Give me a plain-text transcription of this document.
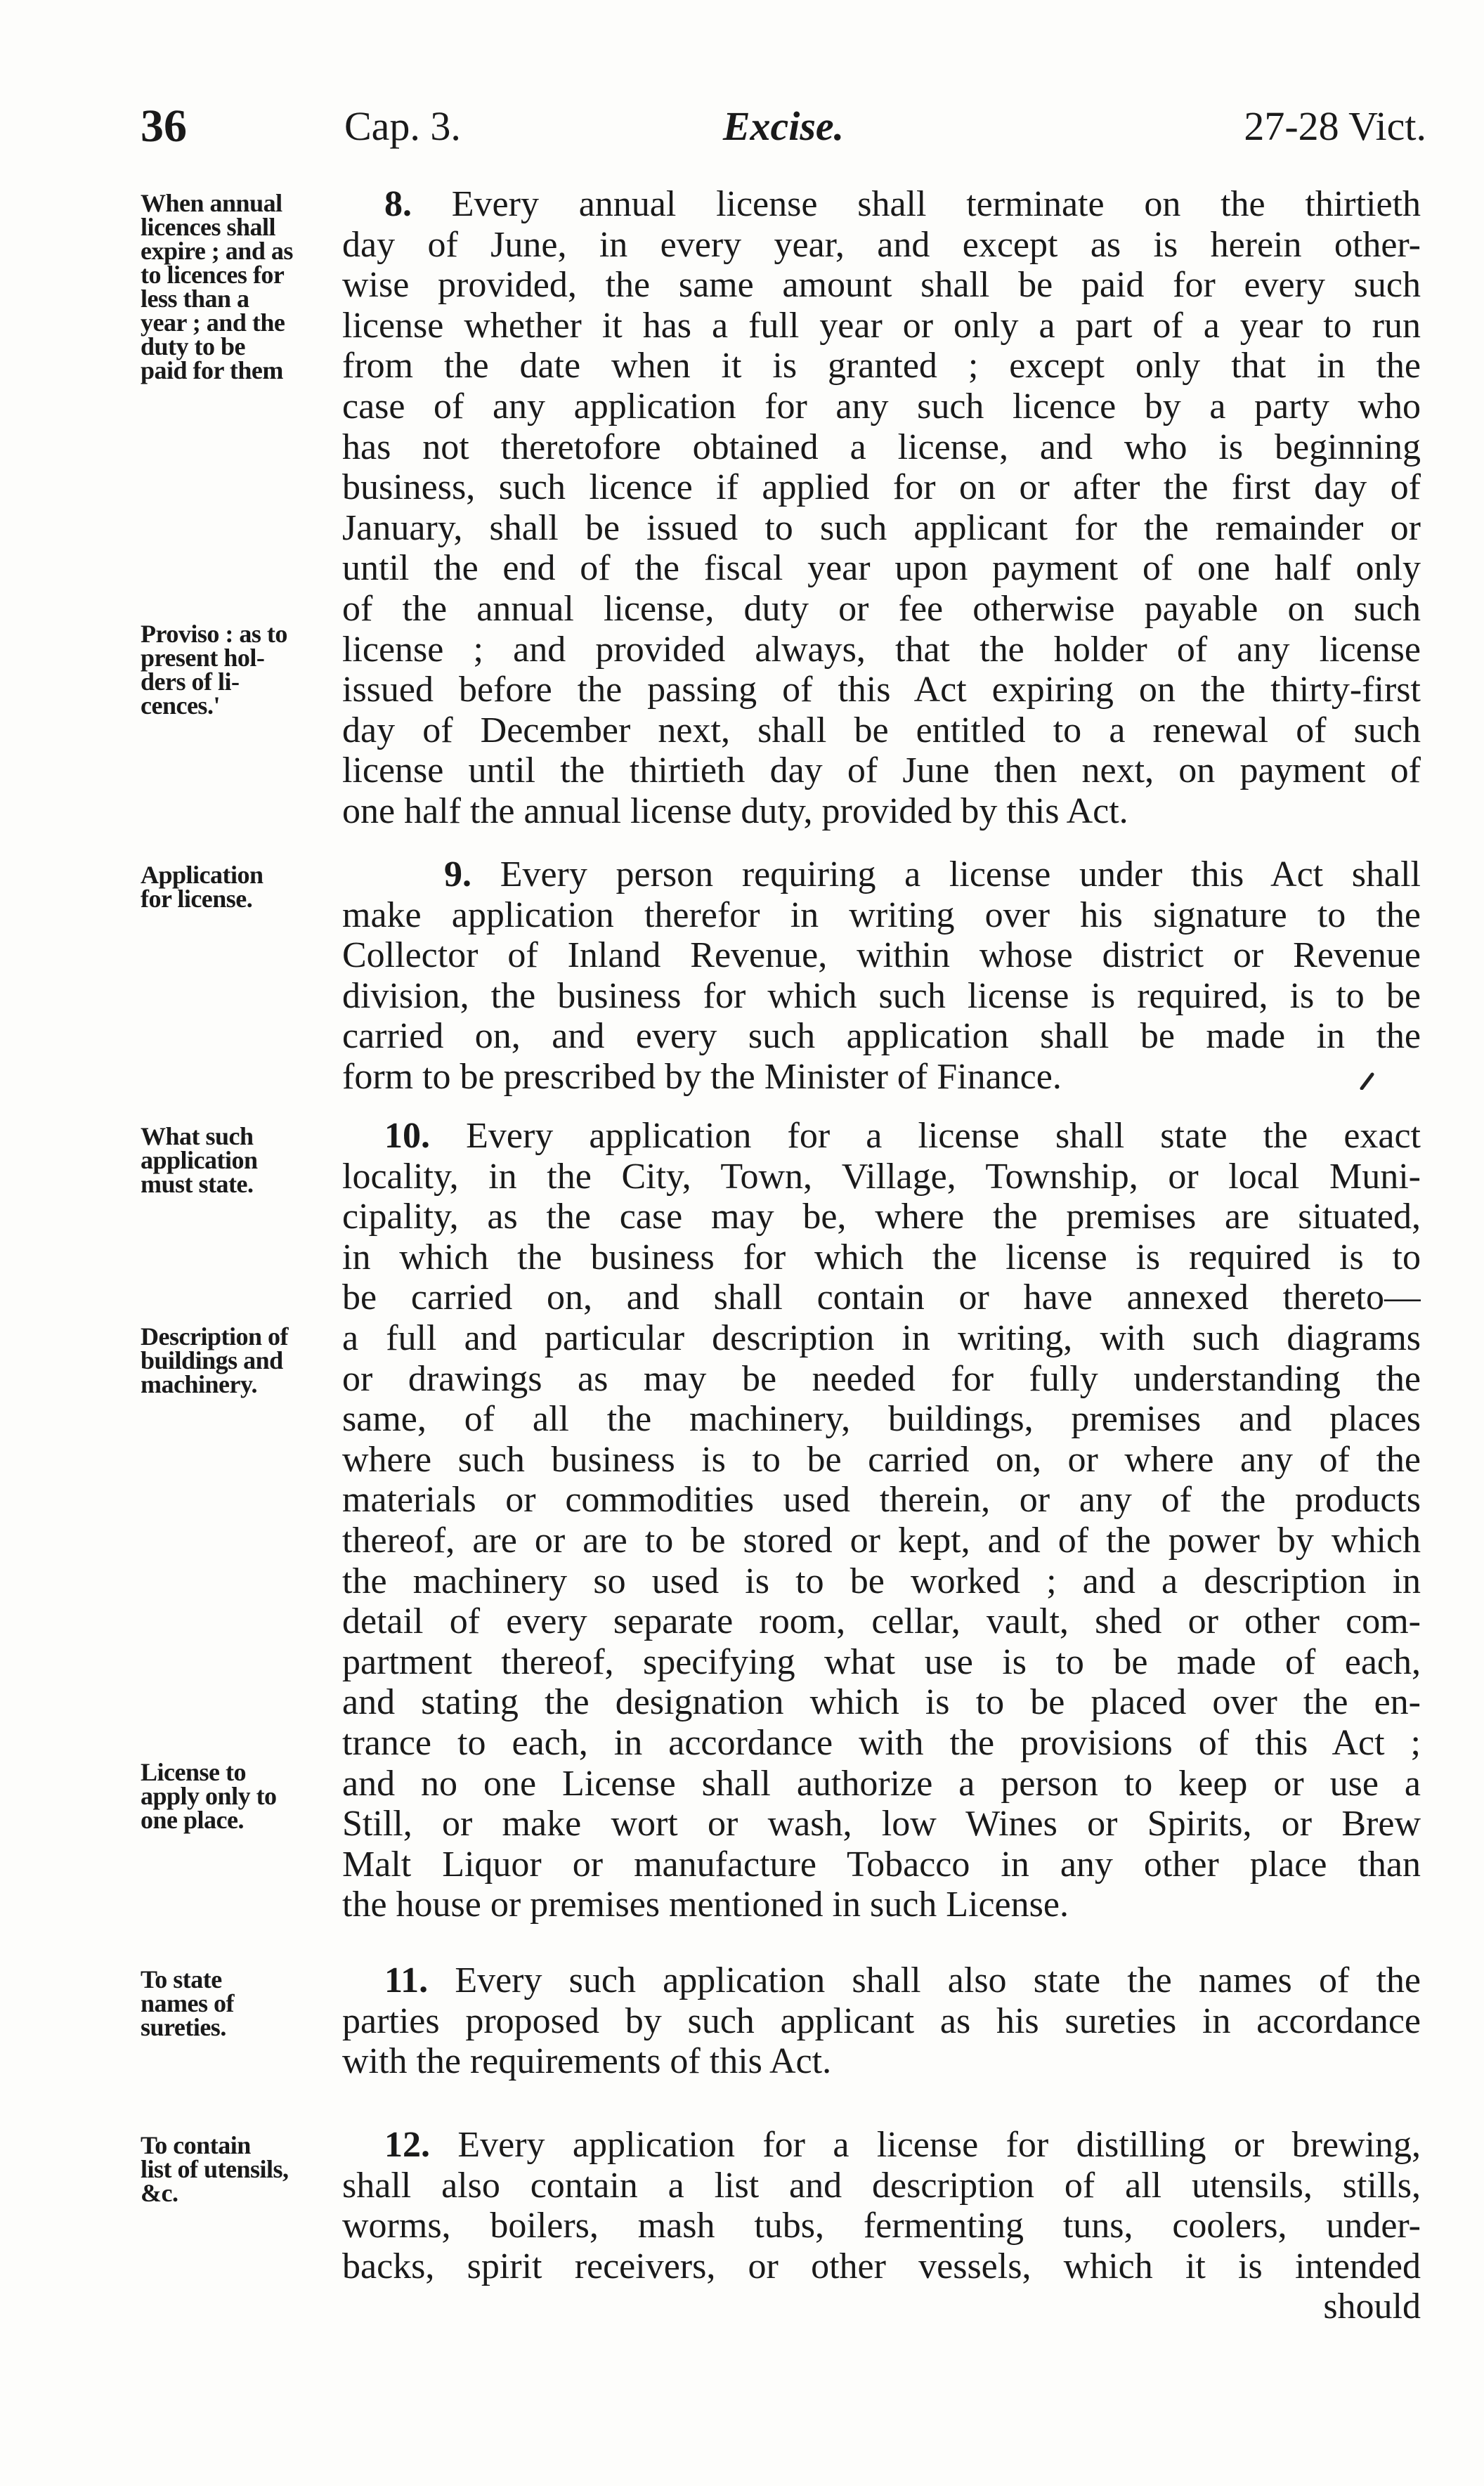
36	Cap. 3.	Excise.	27-28 Vict.
When annual
licences shall
expire ; and as
to licences for
less than a
year ; and the
duty to be
paid for them
Proviso : as to
present hol-
ders of li-
cences.'
8. Every annual license shall terminate on the thirtieth
day of June, in every year, and except as is herein other-
wise provided, the same amount shall be paid for every such
license whether it has a full year or only a part of a year to run
from the date when it is granted ; except only that in the
case of any application for any such licence by a party who
has not theretofore obtained a license, and who is beginning
business, such licence if applied for on or after the first day of
January, shall be issued to such applicant for the remainder or
until the end of the fiscal year upon payment of one half only
of the annual license, duty or fee otherwise payable on such
license ; and provided always, that the holder of any license
issued before the passing of this Act expiring on the thirty-first
day of December next, shall be entitled to a renewal of such
license until the thirtieth day of June then next, on payment of
one half the annual license duty, provided by this Act.
Application
for license.
9. Every person requiring a license under this Act shall
make application therefor in writing over his signature to the
Collector of Inland Revenue, within whose district or Revenue
division, the business for which such license is required, is to be
carried on, and every such application shall be made in the
form to be prescribed by the Minister of Finance.
What such
application
must state.
Description of
buildings and
machinery.
License to
apply only to
one place.
10. Every application for a license shall state the exact
locality, in the City, Town, Village, Township, or local Muni-
cipality, as the case may be, where the premises are situated,
in which the business for which the license is required is to
be carried on, and shall contain or have annexed thereto—
a full and particular description in writing, with such diagrams
or drawings as may be needed for fully understanding the
same, of all the machinery, buildings, premises and places
where such business is to be carried on, or where any of the
materials or commodities used therein, or any of the products
thereof, are or are to be stored or kept, and of the power by which
the machinery so used is to be worked ; and a description in
detail of every separate room, cellar, vault, shed or other com-
partment thereof, specifying what use is to be made of each,
and stating the designation which is to be placed over the en-
trance to each, in accordance with the provisions of this Act ;
and no one License shall authorize a person to keep or use a
Still, or make wort or wash, low Wines or Spirits, or Brew
Malt Liquor or manufacture Tobacco in any other place than
the house or premises mentioned in such License.
To state
names of
sureties.
11. Every such application shall also state the names of the
parties proposed by such applicant as his sureties in accordance
with the requirements of this Act.
To contain
list of utensils,
&c.
12. Every application for a license for distilling or brewing,
shall also contain a list and description of all utensils, stills,
worms, boilers, mash tubs, fermenting tuns, coolers, under-
backs, spirit receivers, or other vessels, which it is intended
should
